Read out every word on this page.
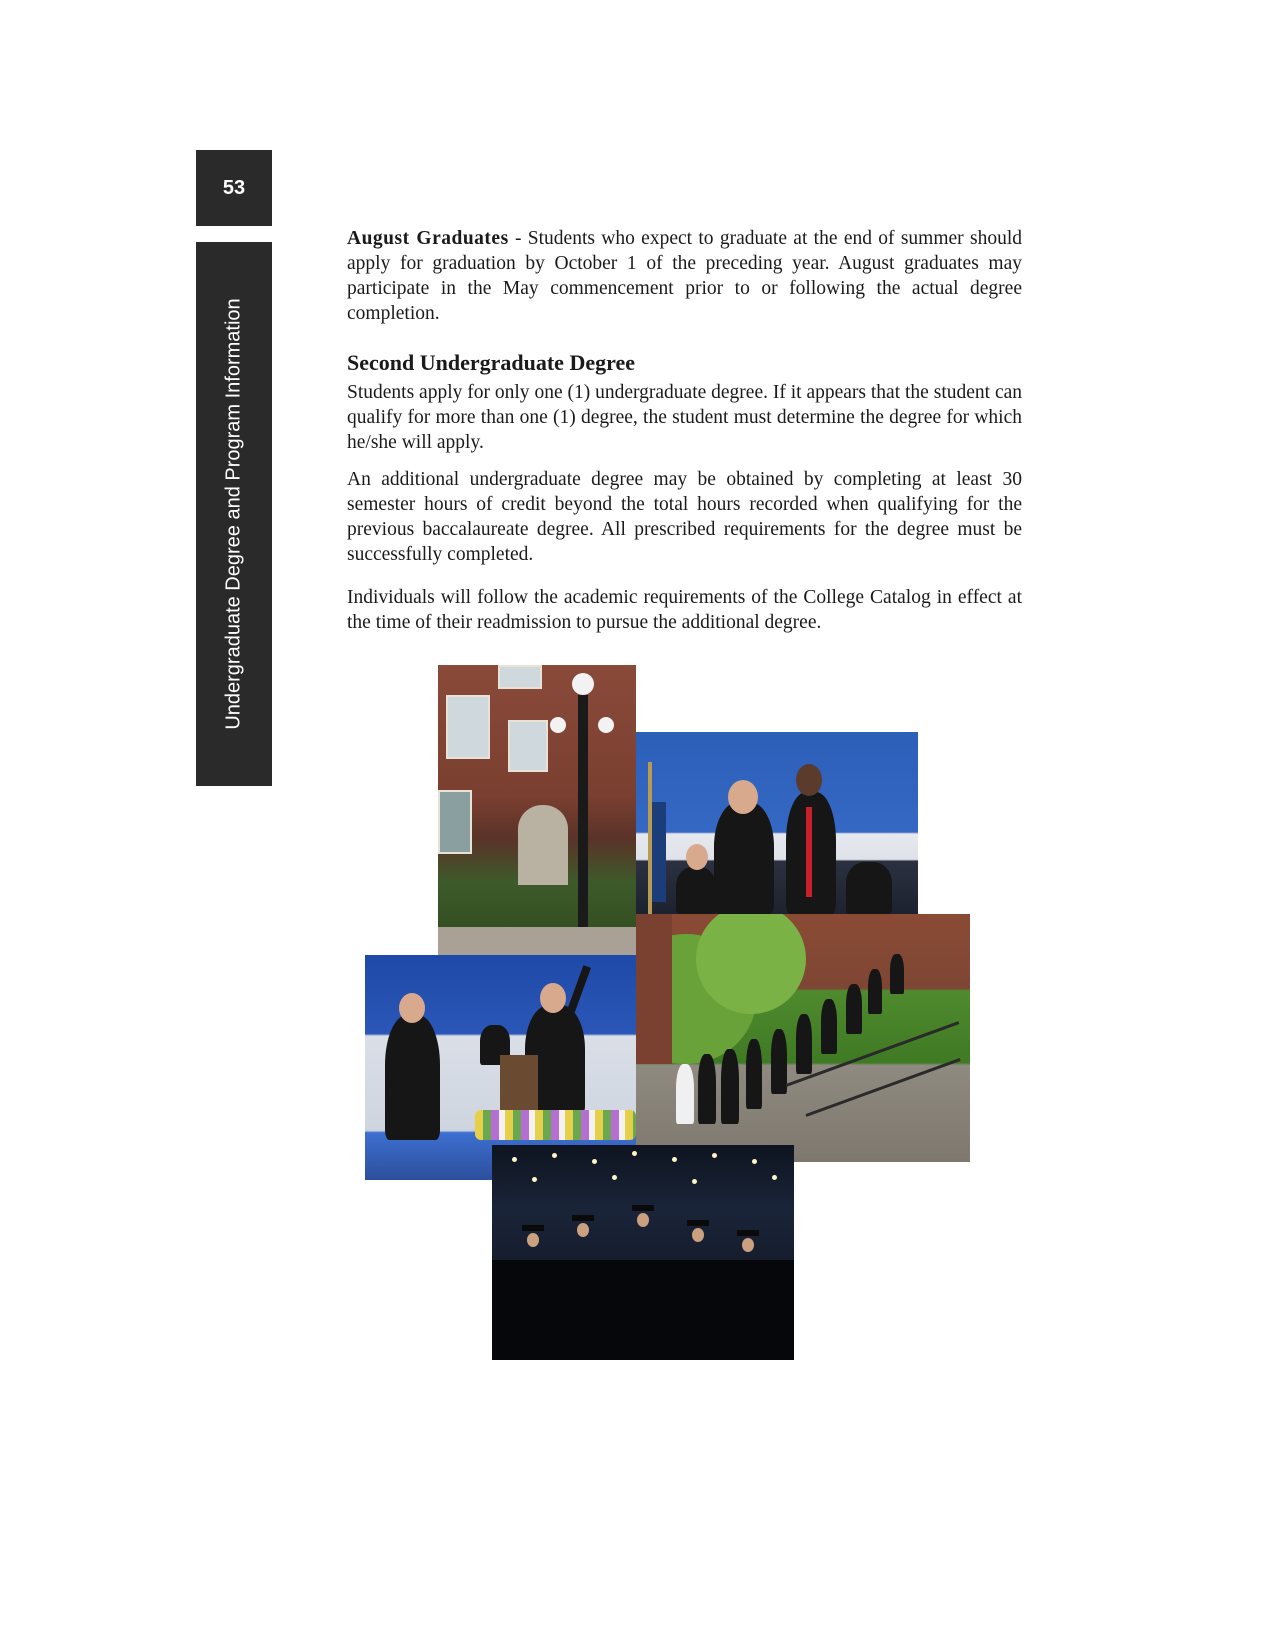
53
Undergraduate Degree and Program Information

August Graduates - Students who expect to graduate at the end of summer should apply for graduation by October 1 of the preceding year. August graduates may participate in the May commencement prior to or following the actual degree completion.

Second Undergraduate Degree

Students apply for only one (1) undergraduate degree. If it appears that the student can qualify for more than one (1) degree, the student must determine the degree for which he/she will apply.

An additional undergraduate degree may be obtained by completing at least 30 semester hours of credit beyond the total hours recorded when qualifying for the previous baccalaureate degree. All prescribed requirements for the degree must be successfully completed.

Individuals will follow the academic requirements of the College Catalog in effect at the time of their readmission to pursue the additional degree.
